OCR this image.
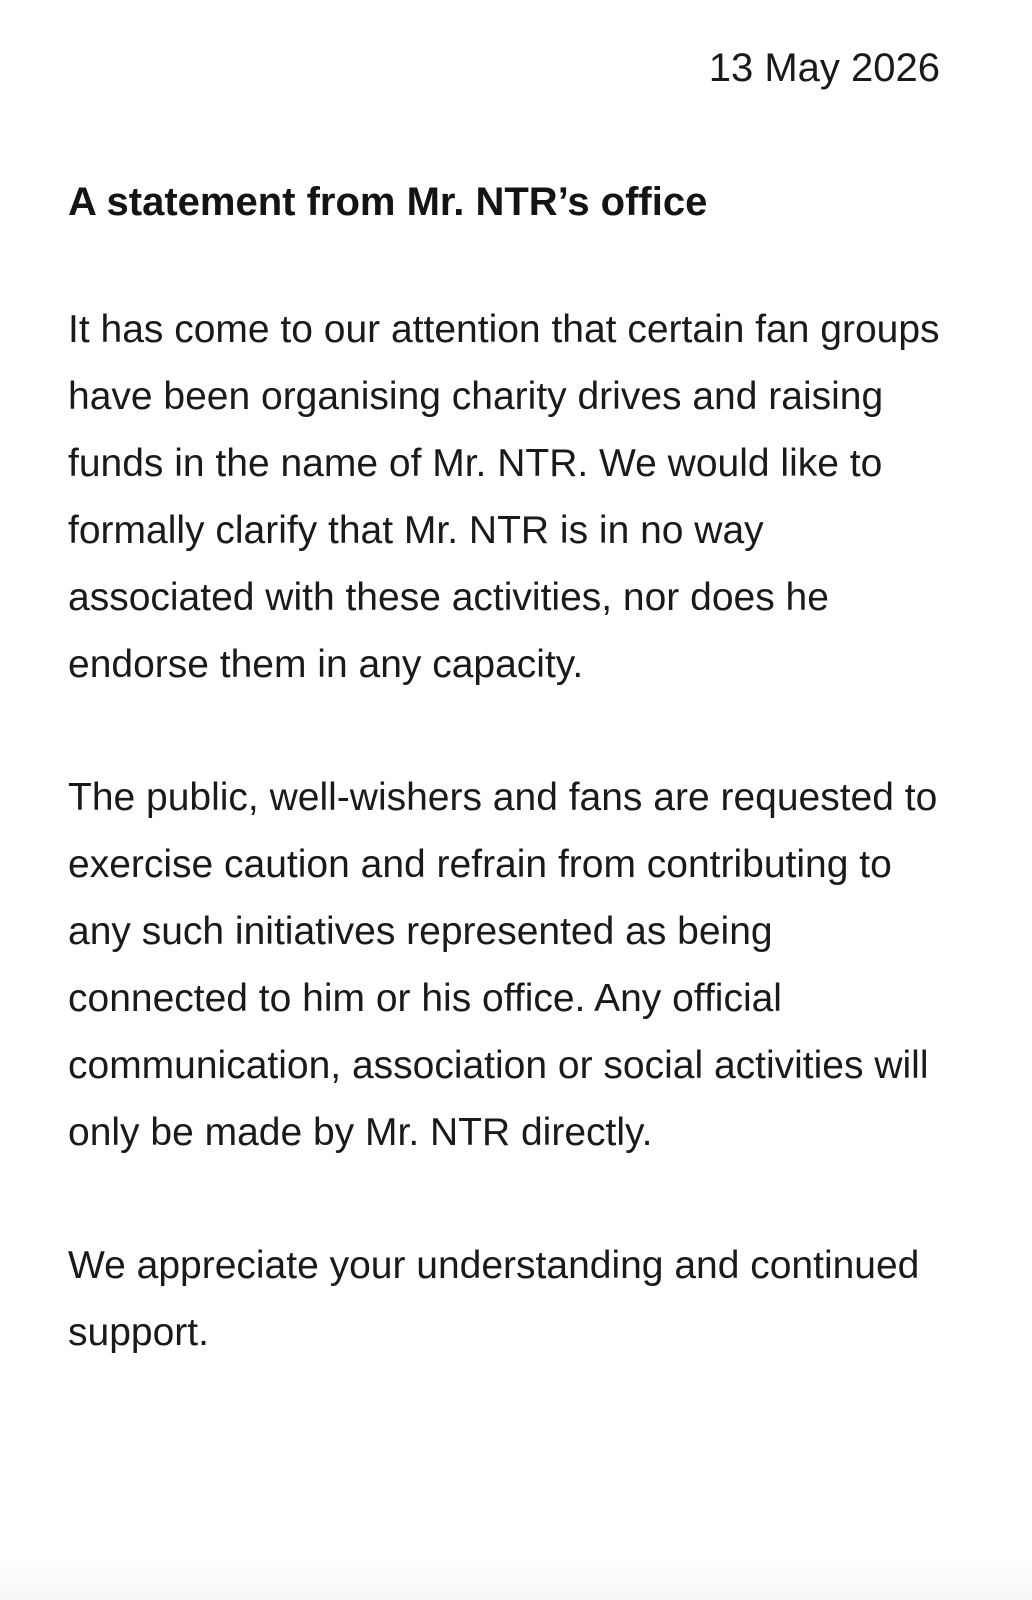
13 May 2026
A statement from Mr. NTR’s office

It has come to our attention that certain fan groups have been organising charity drives and raising funds in the name of Mr. NTR. We would like to formally clarify that Mr. NTR is in no way associated with these activities, nor does he endorse them in any capacity.

The public, well-wishers and fans are requested to exercise caution and refrain from contributing to any such initiatives represented as being connected to him or his office. Any official communication, association or social activities will only be made by Mr. NTR directly.

We appreciate your understanding and continued support.
